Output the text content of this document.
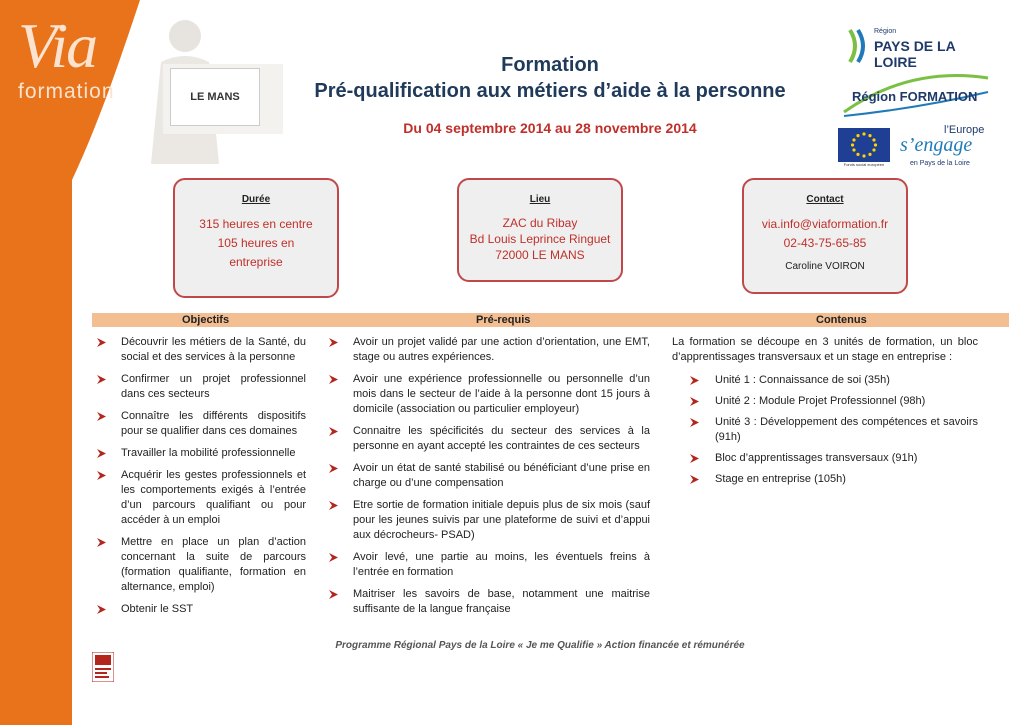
Via
formation	LE MANS
Formation
Pré-qualification aux métiers d’aide à la personne
Du 04 septembre 2014 au 28 novembre 2014
Région
PAYS DE LA LOIRE
Région FORMATION
Fonds social européen
l’Europe
s’engage
en Pays de la Loire
Durée
315 heures en centre
105 heures en
entreprise
Lieu
ZAC du Ribay
Bd Louis Leprince Ringuet
72000 LE MANS
Contact
via.info@viaformation.fr
02-43-75-65-85
Caroline VOIRON
Objectifs	Pré-requis	Contenus
Découvrir les métiers de la Santé, du social et des services à la personne
Confirmer un projet professionnel dans ces secteurs
Connaître les différents dispositifs pour se qualifier dans ces domaines
Travailler la mobilité professionnelle
Acquérir les gestes professionnels et les comportements exigés à l’entrée d’un parcours qualifiant ou pour accéder à un emploi
Mettre en place un plan d’action concernant la suite de parcours (formation qualifiante, formation en alternance, emploi)
Obtenir le SST
Avoir un projet validé par une action d’orientation, une EMT, stage ou autres expériences.
Avoir une expérience professionnelle ou personnelle d’un mois dans le secteur de l’aide à la personne dont 15 jours à domicile (association ou particulier employeur)
Connaitre les spécificités du secteur des services à la personne en ayant accepté les contraintes de ces secteurs
Avoir un état de santé stabilisé ou bénéficiant d’une prise en charge ou d’une compensation
Etre sortie de formation initiale depuis plus de six mois (sauf pour les jeunes suivis par une plateforme de suivi et d’appui aux décrocheurs- PSAD)
Avoir levé, une partie au moins, les éventuels freins à l’entrée en formation
Maitriser les savoirs de base, notamment une maitrise suffisante de la langue française
La formation se découpe en 3 unités de formation, un bloc d’apprentissages transversaux et un stage en entreprise :
Unité 1 : Connaissance de soi (35h)
Unité 2 : Module Projet Professionnel (98h)
Unité 3 : Développement des compétences et savoirs (91h)
Bloc d’apprentissages transversaux (91h)
Stage en entreprise (105h)
Programme Régional Pays de la Loire « Je me Qualifie » Action financée et rémunérée
